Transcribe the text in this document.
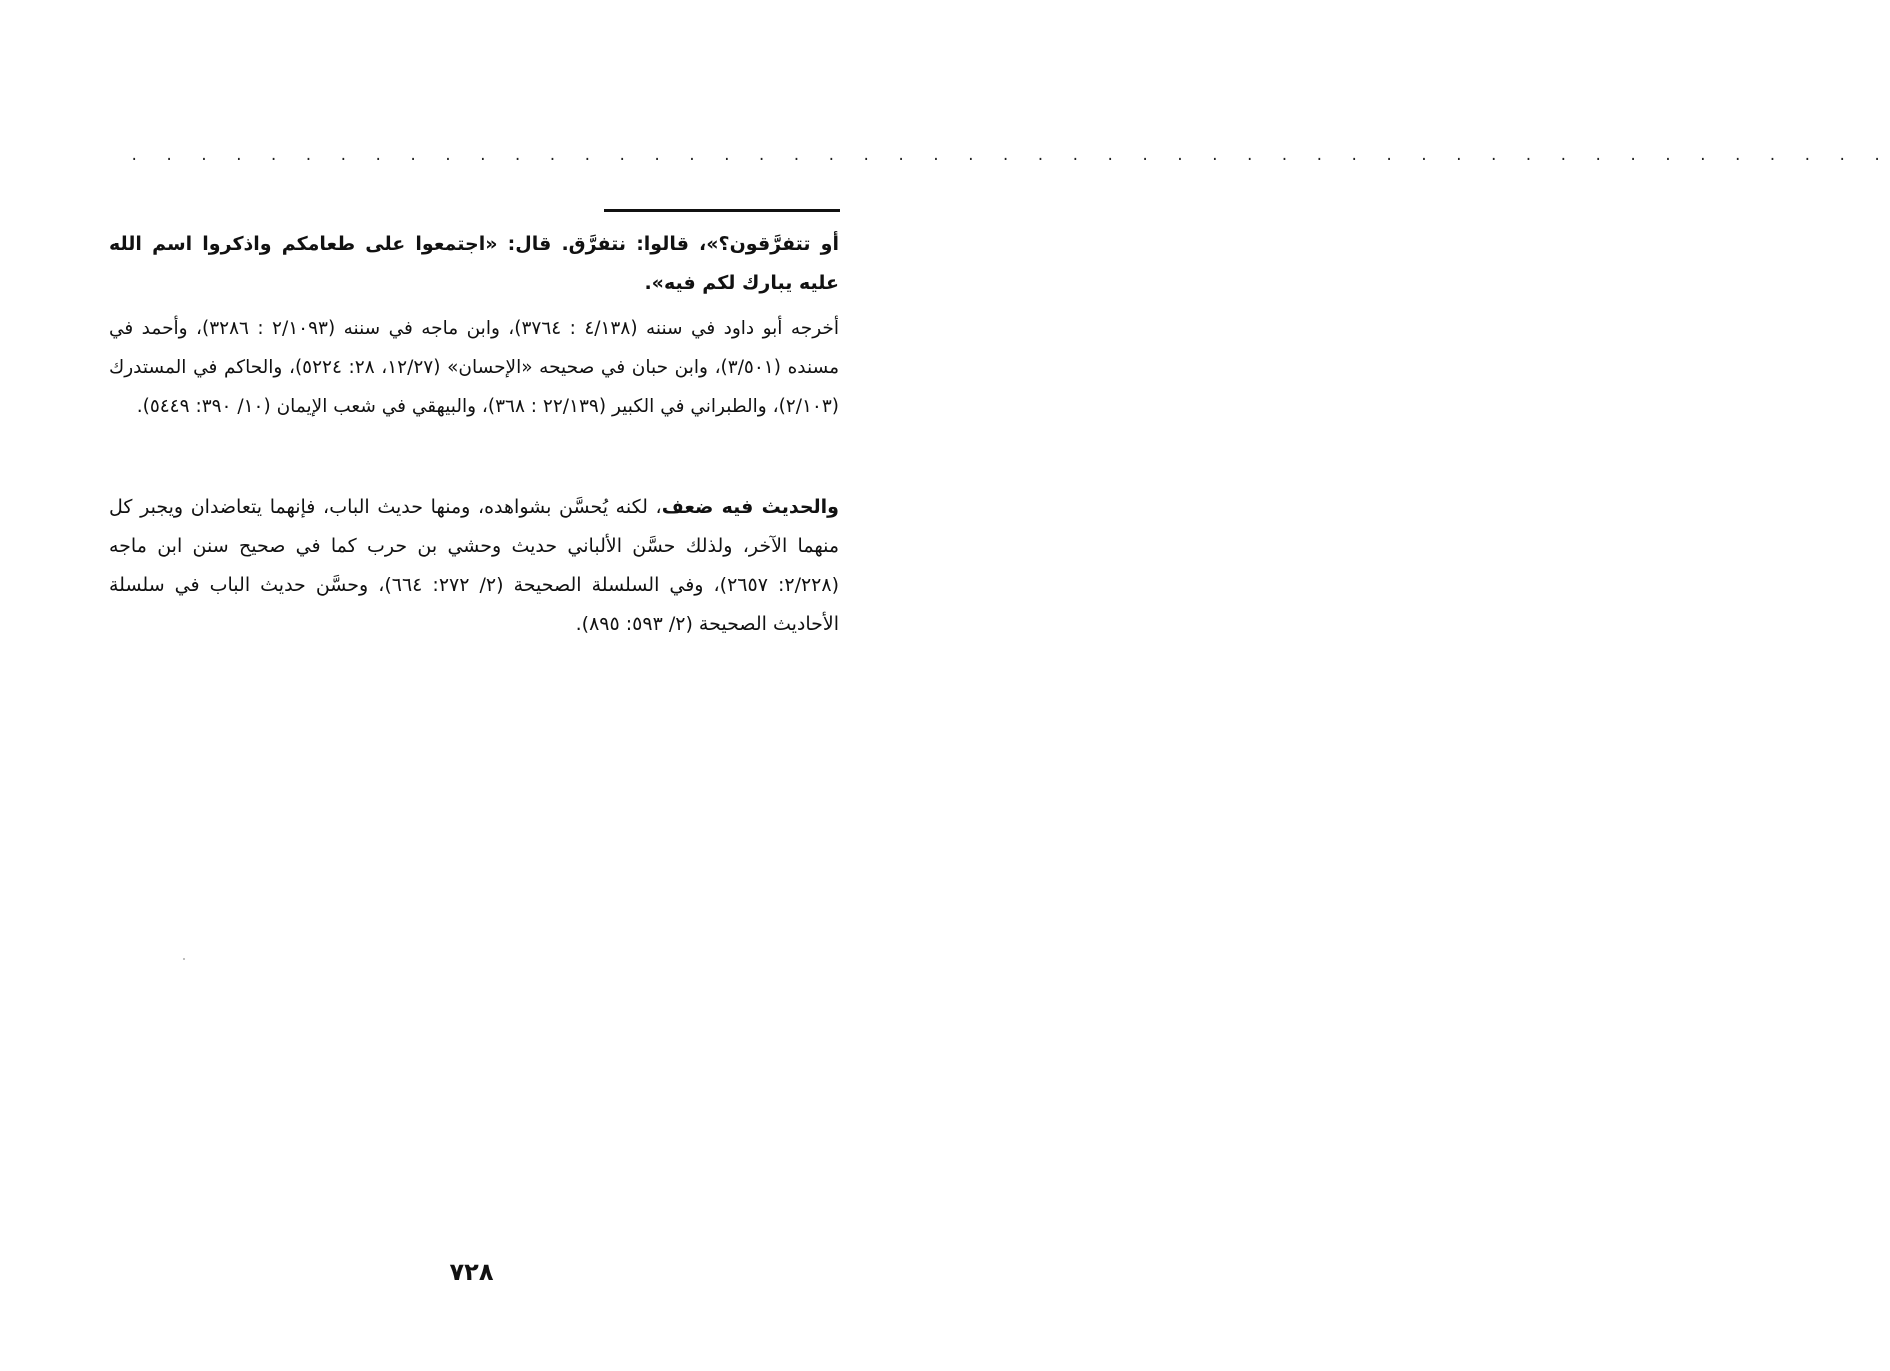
. . . . . . . . . . . . . . . . . . . . . . . . . . . . . . . . . . . . . . . . . . . . . . . . . . .

أو تتفرَّقون؟»، قالوا: نتفرَّق. قال: «اجتمعوا على طعامكم واذكروا اسم الله عليه يبارك لكم فيه».

أخرجه أبو داود في سننه (٤/١٣٨ : ٣٧٦٤)، وابن ماجه في سننه (٢/١٠٩٣ : ٣٢٨٦)، وأحمد في مسنده (٣/٥٠١)، وابن حبان في صحيحه «الإحسان» (١٢/٢٧، ٢٨: ٥٢٢٤)، والحاكم في المستدرك (٢/١٠٣)، والطبراني في الكبير (٢٢/١٣٩ : ٣٦٨)، والبيهقي في شعب الإيمان (١٠/ ٣٩٠: ٥٤٤٩).

والحديث فيه ضعف، لكنه يُحسَّن بشواهده، ومنها حديث الباب، فإنهما يتعاضدان ويجبر كل منهما الآخر، ولذلك حسَّن الألباني حديث وحشي بن حرب كما في صحيح سنن ابن ماجه (٢/٢٢٨: ٢٦٥٧)، وفي السلسلة الصحيحة (٢/ ٢٧٢: ٦٦٤)، وحسَّن حديث الباب في سلسلة الأحاديث الصحيحة (٢/ ٥٩٣: ٨٩٥).

٧٢٨
